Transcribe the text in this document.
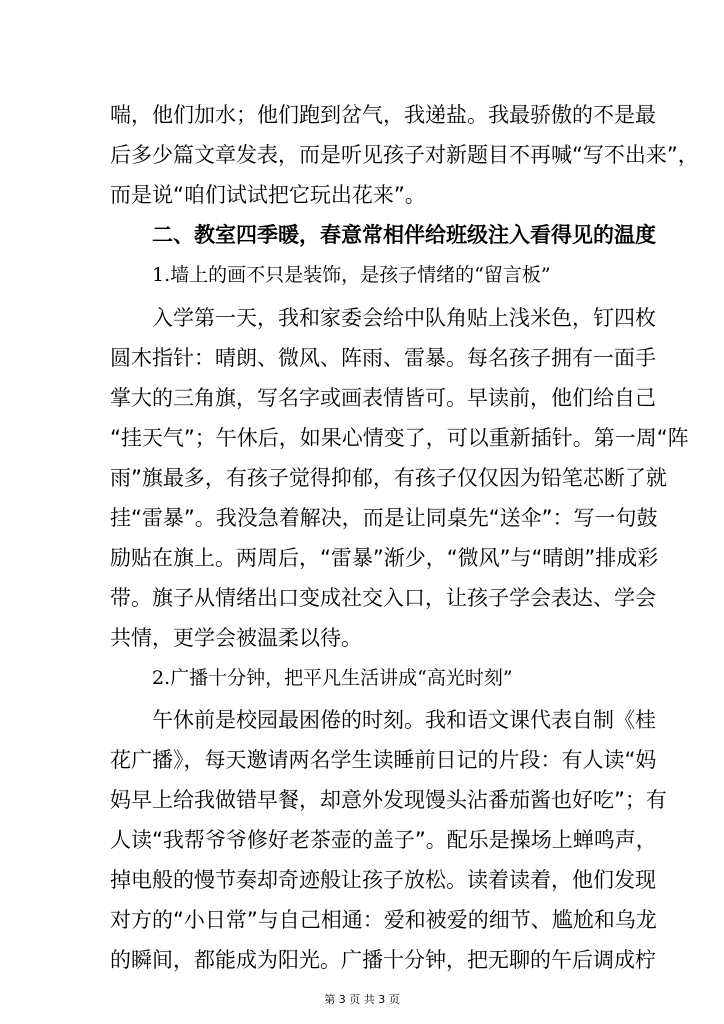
喘，他们加水；他们跑到岔气，我递盐。我最骄傲的不是最
后多少篇文章发表，而是听见孩子对新题目不再喊“写不出来”，
而是说“咱们试试把它玩出花来”。
二、教室四季暖，春意常相伴给班级注入看得见的温度
1.墙上的画不只是装饰，是孩子情绪的“留言板”
入学第一天，我和家委会给中队角贴上浅米色，钉四枚
圆木指针：晴朗、微风、阵雨、雷暴。每名孩子拥有一面手
掌大的三角旗，写名字或画表情皆可。早读前，他们给自己
“挂天气”；午休后，如果心情变了，可以重新插针。第一周“阵
雨”旗最多，有孩子觉得抑郁，有孩子仅仅因为铅笔芯断了就
挂“雷暴”。我没急着解决，而是让同桌先“送伞”：写一句鼓
励贴在旗上。两周后，“雷暴”渐少，“微风”与“晴朗”排成彩
带。旗子从情绪出口变成社交入口，让孩子学会表达、学会
共情，更学会被温柔以待。
2.广播十分钟，把平凡生活讲成“高光时刻”
午休前是校园最困倦的时刻。我和语文课代表自制《桂
花广播》，每天邀请两名学生读睡前日记的片段：有人读“妈
妈早上给我做错早餐，却意外发现馒头沾番茄酱也好吃”；有
人读“我帮爷爷修好老茶壶的盖子”。配乐是操场上蝉鸣声，
掉电般的慢节奏却奇迹般让孩子放松。读着读着，他们发现
对方的“小日常”与自己相通：爱和被爱的细节、尴尬和乌龙
的瞬间，都能成为阳光。广播十分钟，把无聊的午后调成柠
第 3 页 共 3 页
